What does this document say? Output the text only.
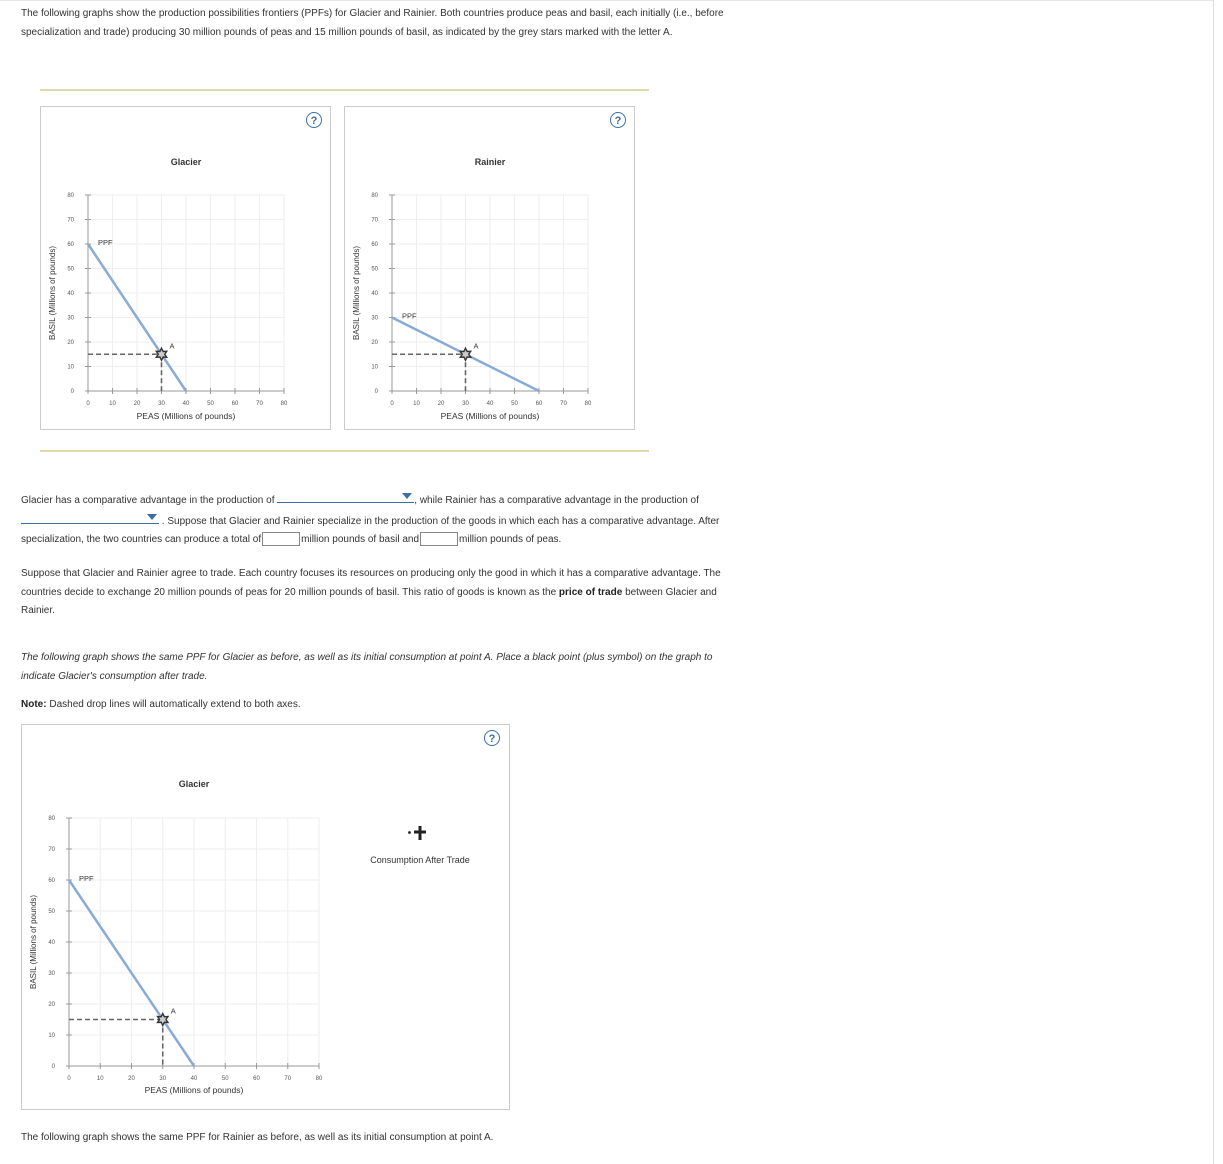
The following graphs show the production possibilities frontiers (PPFs) for Glacier and Rainier. Both countries produce peas and basil, each initially (i.e., before specialization and trade) producing 30 million pounds of peas and 15 million pounds of basil, as indicated by the grey stars marked with the letter A.
?
0	10	20	30	40	50	60	70	80
0
10
20
30
40
50
60
70
80
Glacier
PEAS (Millions of pounds)
BASIL (Millions of pounds)
PPF
A
?
0	10	20	30	40	50	60	70	80
0
10
20
30
40
50
60
70
80
Rainier
PEAS (Millions of pounds)
BASIL (Millions of pounds)	PPF
A
Glacier has a comparative advantage in the production of	, while Rainier has a comparative advantage in the production of
. Suppose that Glacier and Rainier specialize in the production of the goods in which each has a comparative advantage. After specialization, the two countries can produce a total of	million pounds of basil and	million pounds of peas.
Suppose that Glacier and Rainier agree to trade. Each country focuses its resources on producing only the good in which it has a comparative advantage. The countries decide to exchange 20 million pounds of peas for 20 million pounds of basil. This ratio of goods is known as the price of trade between Glacier and Rainier.
The following graph shows the same PPF for Glacier as before, as well as its initial consumption at point A. Place a black point (plus symbol) on the graph to indicate Glacier's consumption after trade.
Note: Dashed drop lines will automatically extend to both axes.
?
Consumption After Trade
0	10	20	30	40	50	60	70	80
0
10
20
30
40
50
60
70
80
Glacier
PEAS (Millions of pounds)
BASIL (Millions of pounds)
PPF
A
The following graph shows the same PPF for Rainier as before, as well as its initial consumption at point A.
